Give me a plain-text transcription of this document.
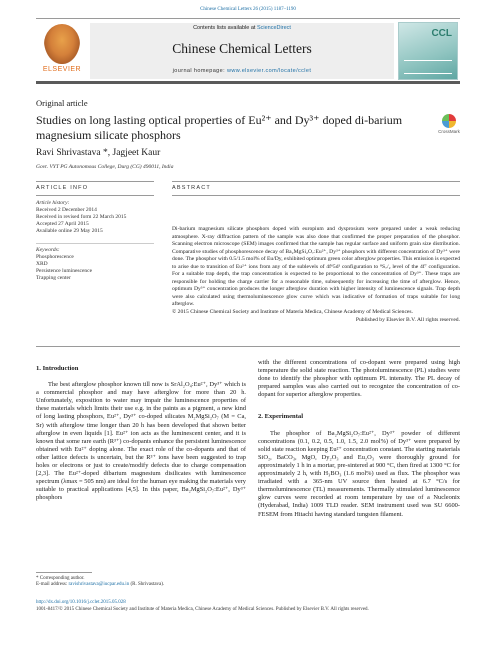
Chinese Chemical Letters 26 (2015) 1187–1190
ELSEVIER
Contents lists available at ScienceDirect
Chinese Chemical Letters
journal homepage: www.elsevier.com/locate/cclet
CCL
Original article
Studies on long lasting optical properties of Eu²⁺ and Dy³⁺ doped di-barium magnesium silicate phosphors	CrossMark
Ravi Shrivastava *, Jagjeet Kaur
Govt. VYT PG Autonomous College, Durg (CG) 490011, India
ARTICLE INFO	ABSTRACT
Article history:
Received 2 December 2014
Received in revised form 22 March 2015
Accepted 27 April 2015
Available online 29 May 2015
Keywords:
Phosphorescence
XRD
Persistence luminescence
Trapping center

Di-barium magnesium silicate phosphors doped with europium and dysprosium were prepared under a weak reducing atmosphere. X-ray diffraction pattern of the sample was also done that confirmed the proper preparation of the phosphor. Scanning electron microscope (SEM) images confirmed that the sample has regular surface and uniform grain size distribution. Comparative studies of phosphorescence decay of Ba₂MgSi₂O₇:Eu²⁺, Dy³⁺ phosphors with different concentration of Dy³⁺ were done. The phosphor with 0.5/1.5 mol% of Eu/Dy, exhibited optimum green color afterglow properties. This emission is expected to arise due to transition of Eu²⁺ ions from any of the sublevels of 4f⁶5d¹ configuration to ⁸S₇/₂ level of the 4f⁷ configuration. For a suitable trap depth, the trap concentration is expected to be proportional to the concentration of Dy³⁺. These traps are responsible for holding the charge carrier for a reasonable time, subsequently for increasing the time of afterglow. Hence, optimum Dy³⁺ concentration produces the longer afterglow duration with higher intensity of luminescence signals. Trap depth were also calculated using thermoluminescence glow curve which was indicative of formation of traps suitable for long afterglow.

© 2015 Chinese Chemical Society and Institute of Materia Medica, Chinese Academy of Medical Sciences.

Published by Elsevier B.V. All rights reserved.

1. Introduction

The best afterglow phosphor known till now is SrAl₂O₄:Eu²⁺, Dy³⁺ which is a commercial phosphor and may have afterglow for more than 20 h. Unfortunately, exposition to water may impair the luminescence properties of these materials which limits their use e.g. in the paints as a pigment, a new kind of long lasting phosphors, Eu²⁺, Dy³⁺ co-doped silicates M₂MgSi₂O₇ (M = Ca, Sr) with afterglow time longer than 20 h has been developed that shown better afterglow in even liquids [1]. Eu²⁺ ion acts as the luminescent center, and it is known that some rare earth (R³⁺) co-dopants enhance the persistent luminescence obtained with Eu²⁺ doping alone. The exact role of the co-dopants and that of other lattice defects is uncertain, but the R³⁺ ions have been suggested to trap holes or electrons or just to create/modify defects due to charge compensation [2,3]. The Eu²⁺-doped dibarium magnesium disilicates with luminescence spectrum (λmax = 505 nm) are ideal for the human eye making the materials very suitable to practical applications [4,5]. In this paper, Ba₂MgSi₂O₇:Eu²⁺, Dy³⁺ phosphors

with the different concentrations of co-dopant were prepared using high temperature the solid state reaction. The photoluminescence (PL) studies were done to identify the phosphor with optimum PL intensity. The PL decay of prepared samples was also carried out to recognize the concentration of co-dopant for superior afterglow properties.

2. Experimental

The phosphor of Ba₂MgSi₂O₇:Eu²⁺, Dy³⁺ powder of different concentrations (0.1, 0.2, 0.5, 1.0, 1.5, 2.0 mol%) of Dy³⁺ were prepared by solid state reaction keeping Eu²⁺ concentration constant. The starting materials SiO₂, BaCO₃, MgO, Dy₂O₃ and Eu₂O₃ were thoroughly ground for approximately 1 h in a mortar, pre-sintered at 900 °C, then fired at 1300 °C for approximately 2 h, with H₃BO₃ (1.6 mol%) used as flux. The phosphor was irradiated with a 365-nm UV source then heated at 6.7 °C/s for thermoluminescence (TL) measurements. Thermally stimulated luminescence glow curves were recorded at room temperature by use of a Nucleonix (Hyderabad, India) 1009 TLD reader. SEM instrument used was SU 6600-FESEM from Hitachi having standard tungsten filament.

* Corresponding author.
E-mail address: ravishrivastava@iucpar.edu.in (R. Shrivastava).
http://dx.doi.org/10.1016/j.cclet.2015.05.028
1001-8417/© 2015 Chinese Chemical Society and Institute of Materia Medica, Chinese Academy of Medical Sciences. Published by Elsevier B.V. All rights reserved.
